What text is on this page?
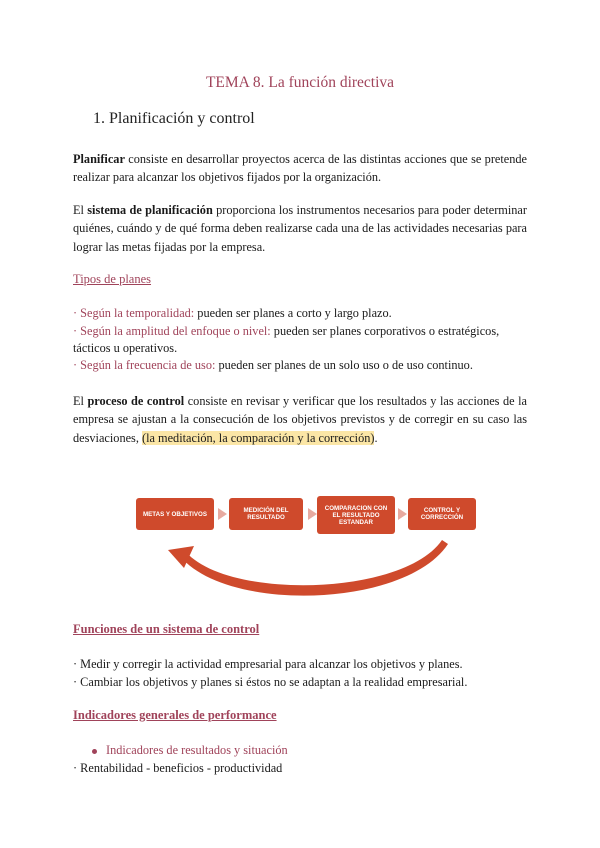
TEMA 8. La función directiva
1. Planificación y control
Planificar consiste en desarrollar proyectos acerca de las distintas acciones que se pretende realizar para alcanzar los objetivos fijados por la organización.
El sistema de planificación proporciona los instrumentos necesarios para poder determinar quiénes, cuándo y de qué forma deben realizarse cada una de las actividades necesarias para lograr las metas fijadas por la empresa.
Tipos de planes
· Según la temporalidad: pueden ser planes a corto y largo plazo.
· Según la amplitud del enfoque o nivel: pueden ser planes corporativos o estratégicos, tácticos u operativos.
· Según la frecuencia de uso: pueden ser planes de un solo uso o de uso continuo.
El proceso de control consiste en revisar y verificar que los resultados y las acciones de la empresa se ajustan a la consecución de los objetivos previstos y de corregir en su caso las desviaciones, (la meditación, la comparación y la corrección).
METAS Y OBJETIVOS	MEDICIÓN DEL RESULTADO
COMPARACION CON EL RESULTADO ESTANDAR
CONTROL Y CORRECCIÓN
Funciones de un sistema de control
· Medir y corregir la actividad empresarial para alcanzar los objetivos y planes.
· Cambiar los objetivos y planes si éstos no se adaptan a la realidad empresarial.
Indicadores generales de performance
Indicadores de resultados y situación
· Rentabilidad - beneficios - productividad
